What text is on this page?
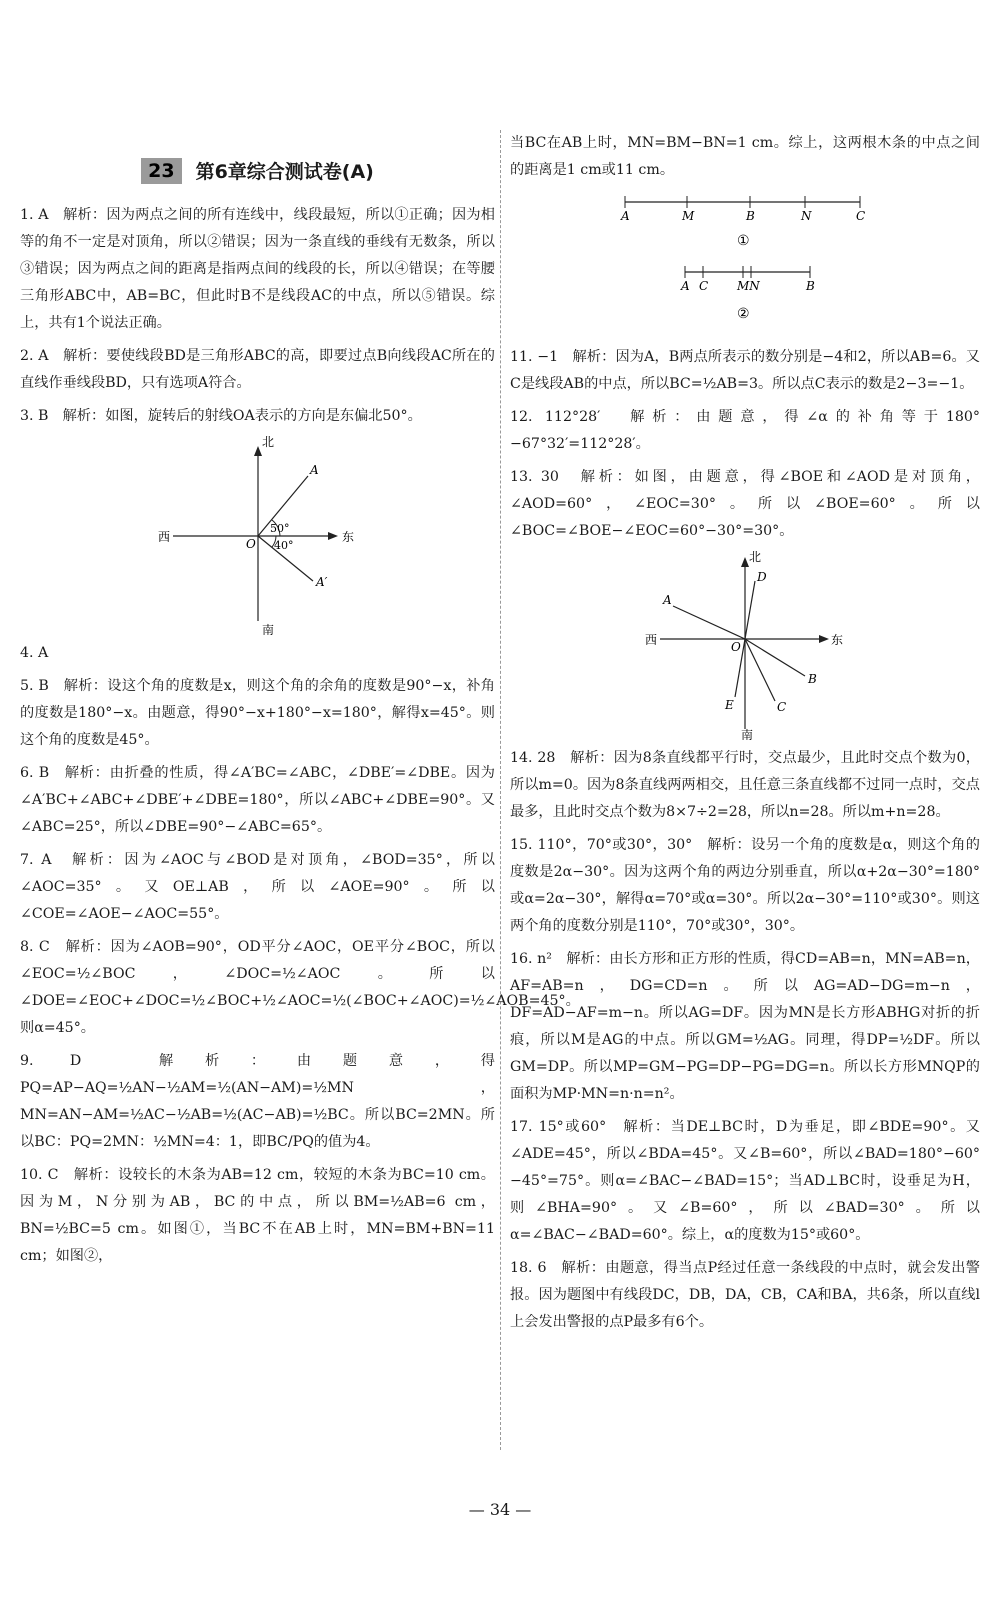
23	第6章综合测试卷(A)

1. A　解析：因为两点之间的所有连线中，线段最短，所以①正确；因为相等的角不一定是对顶角，所以②错误；因为一条直线的垂线有无数条，所以③错误；因为两点之间的距离是指两点间的线段的长，所以④错误；在等腰三角形ABC中，AB=BC，但此时B不是线段AC的中点，所以⑤错误。综上，共有1个说法正确。

2. A　解析：要使线段BD是三角形ABC的高，即要过点B向线段AC所在的直线作垂线段BD，只有选项A符合。

3. B　解析：如图，旋转后的射线OA表示的方向是东偏北50°。

北
南
西	东
O
A
A′
50°
40°

4. A

5. B　解析：设这个角的度数是x，则这个角的余角的度数是90°−x，补角的度数是180°−x。由题意，得90°−x+180°−x=180°，解得x=45°。则这个角的度数是45°。

6. B　解析：由折叠的性质，得∠A′BC=∠ABC，∠DBE′=∠DBE。因为∠A′BC+∠ABC+∠DBE′+∠DBE=180°，所以∠ABC+∠DBE=90°。又∠ABC=25°，所以∠DBE=90°−∠ABC=65°。

7. A　解析：因为∠AOC与∠BOD是对顶角，∠BOD=35°，所以∠AOC=35°。又OE⊥AB，所以∠AOE=90°。所以∠COE=∠AOE−∠AOC=55°。

8. C　解析：因为∠AOB=90°，OD平分∠AOC，OE平分∠BOC，所以∠EOC=½∠BOC，∠DOC=½∠AOC。所以∠DOE=∠EOC+∠DOC=½∠BOC+½∠AOC=½(∠BOC+∠AOC)=½∠AOB=45°。则α=45°。

9. D　解析：由题意，得PQ=AP−AQ=½AN−½AM=½(AN−AM)=½MN，MN=AN−AM=½AC−½AB=½(AC−AB)=½BC。所以BC=2MN。所以BC：PQ=2MN：½MN=4：1，即BC/PQ的值为4。

10. C　解析：设较长的木条为AB=12 cm，较短的木条为BC=10 cm。因为M，N分别为AB，BC的中点，所以BM=½AB=6 cm，BN=½BC=5 cm。如图①，当BC不在AB上时，MN=BM+BN=11 cm；如图②，

当BC在AB上时，MN=BM−BN=1 cm。综上，这两根木条的中点之间的距离是1 cm或11 cm。

A	M	B	N	C
①
A C MN	B
②

11. −1　解析：因为A，B两点所表示的数分别是−4和2，所以AB=6。又C是线段AB的中点，所以BC=½AB=3。所以点C表示的数是2−3=−1。

12. 112°28′　解析：由题意，得∠α的补角等于180°−67°32′=112°28′。

13. 30　解析：如图，由题意，得∠BOE和∠AOD是对顶角，∠AOD=60°，∠EOC=30°。所以∠BOE=60°。所以∠BOC=∠BOE−∠EOC=60°−30°=30°。

北
南
西	东
O
A
B
C
D
E

14. 28　解析：因为8条直线都平行时，交点最少，且此时交点个数为0，所以m=0。因为8条直线两两相交，且任意三条直线都不过同一点时，交点最多，且此时交点个数为8×7÷2=28，所以n=28。所以m+n=28。

15. 110°，70°或30°，30°　解析：设另一个角的度数是α，则这个角的度数是2α−30°。因为这两个角的两边分别垂直，所以α+2α−30°=180°或α=2α−30°，解得α=70°或α=30°。所以2α−30°=110°或30°。则这两个角的度数分别是110°，70°或30°，30°。

16. n²　解析：由长方形和正方形的性质，得CD=AB=n，MN=AB=n，AF=AB=n，DG=CD=n。所以AG=AD−DG=m−n，DF=AD−AF=m−n。所以AG=DF。因为MN是长方形ABHG对折的折痕，所以M是AG的中点。所以GM=½AG。同理，得DP=½DF。所以GM=DP。所以MP=GM−PG=DP−PG=DG=n。所以长方形MNQP的面积为MP·MN=n·n=n²。

17. 15°或60°　解析：当DE⊥BC时，D为垂足，即∠BDE=90°。又∠ADE=45°，所以∠BDA=45°。又∠B=60°，所以∠BAD=180°−60°−45°=75°。则α=∠BAC−∠BAD=15°；当AD⊥BC时，设垂足为H，则∠BHA=90°。又∠B=60°，所以∠BAD=30°。所以α=∠BAC−∠BAD=60°。综上，α的度数为15°或60°。

18. 6　解析：由题意，得当点P经过任意一条线段的中点时，就会发出警报。因为题图中有线段DC，DB，DA，CB，CA和BA，共6条，所以直线l上会发出警报的点P最多有6个。

— 34 —
